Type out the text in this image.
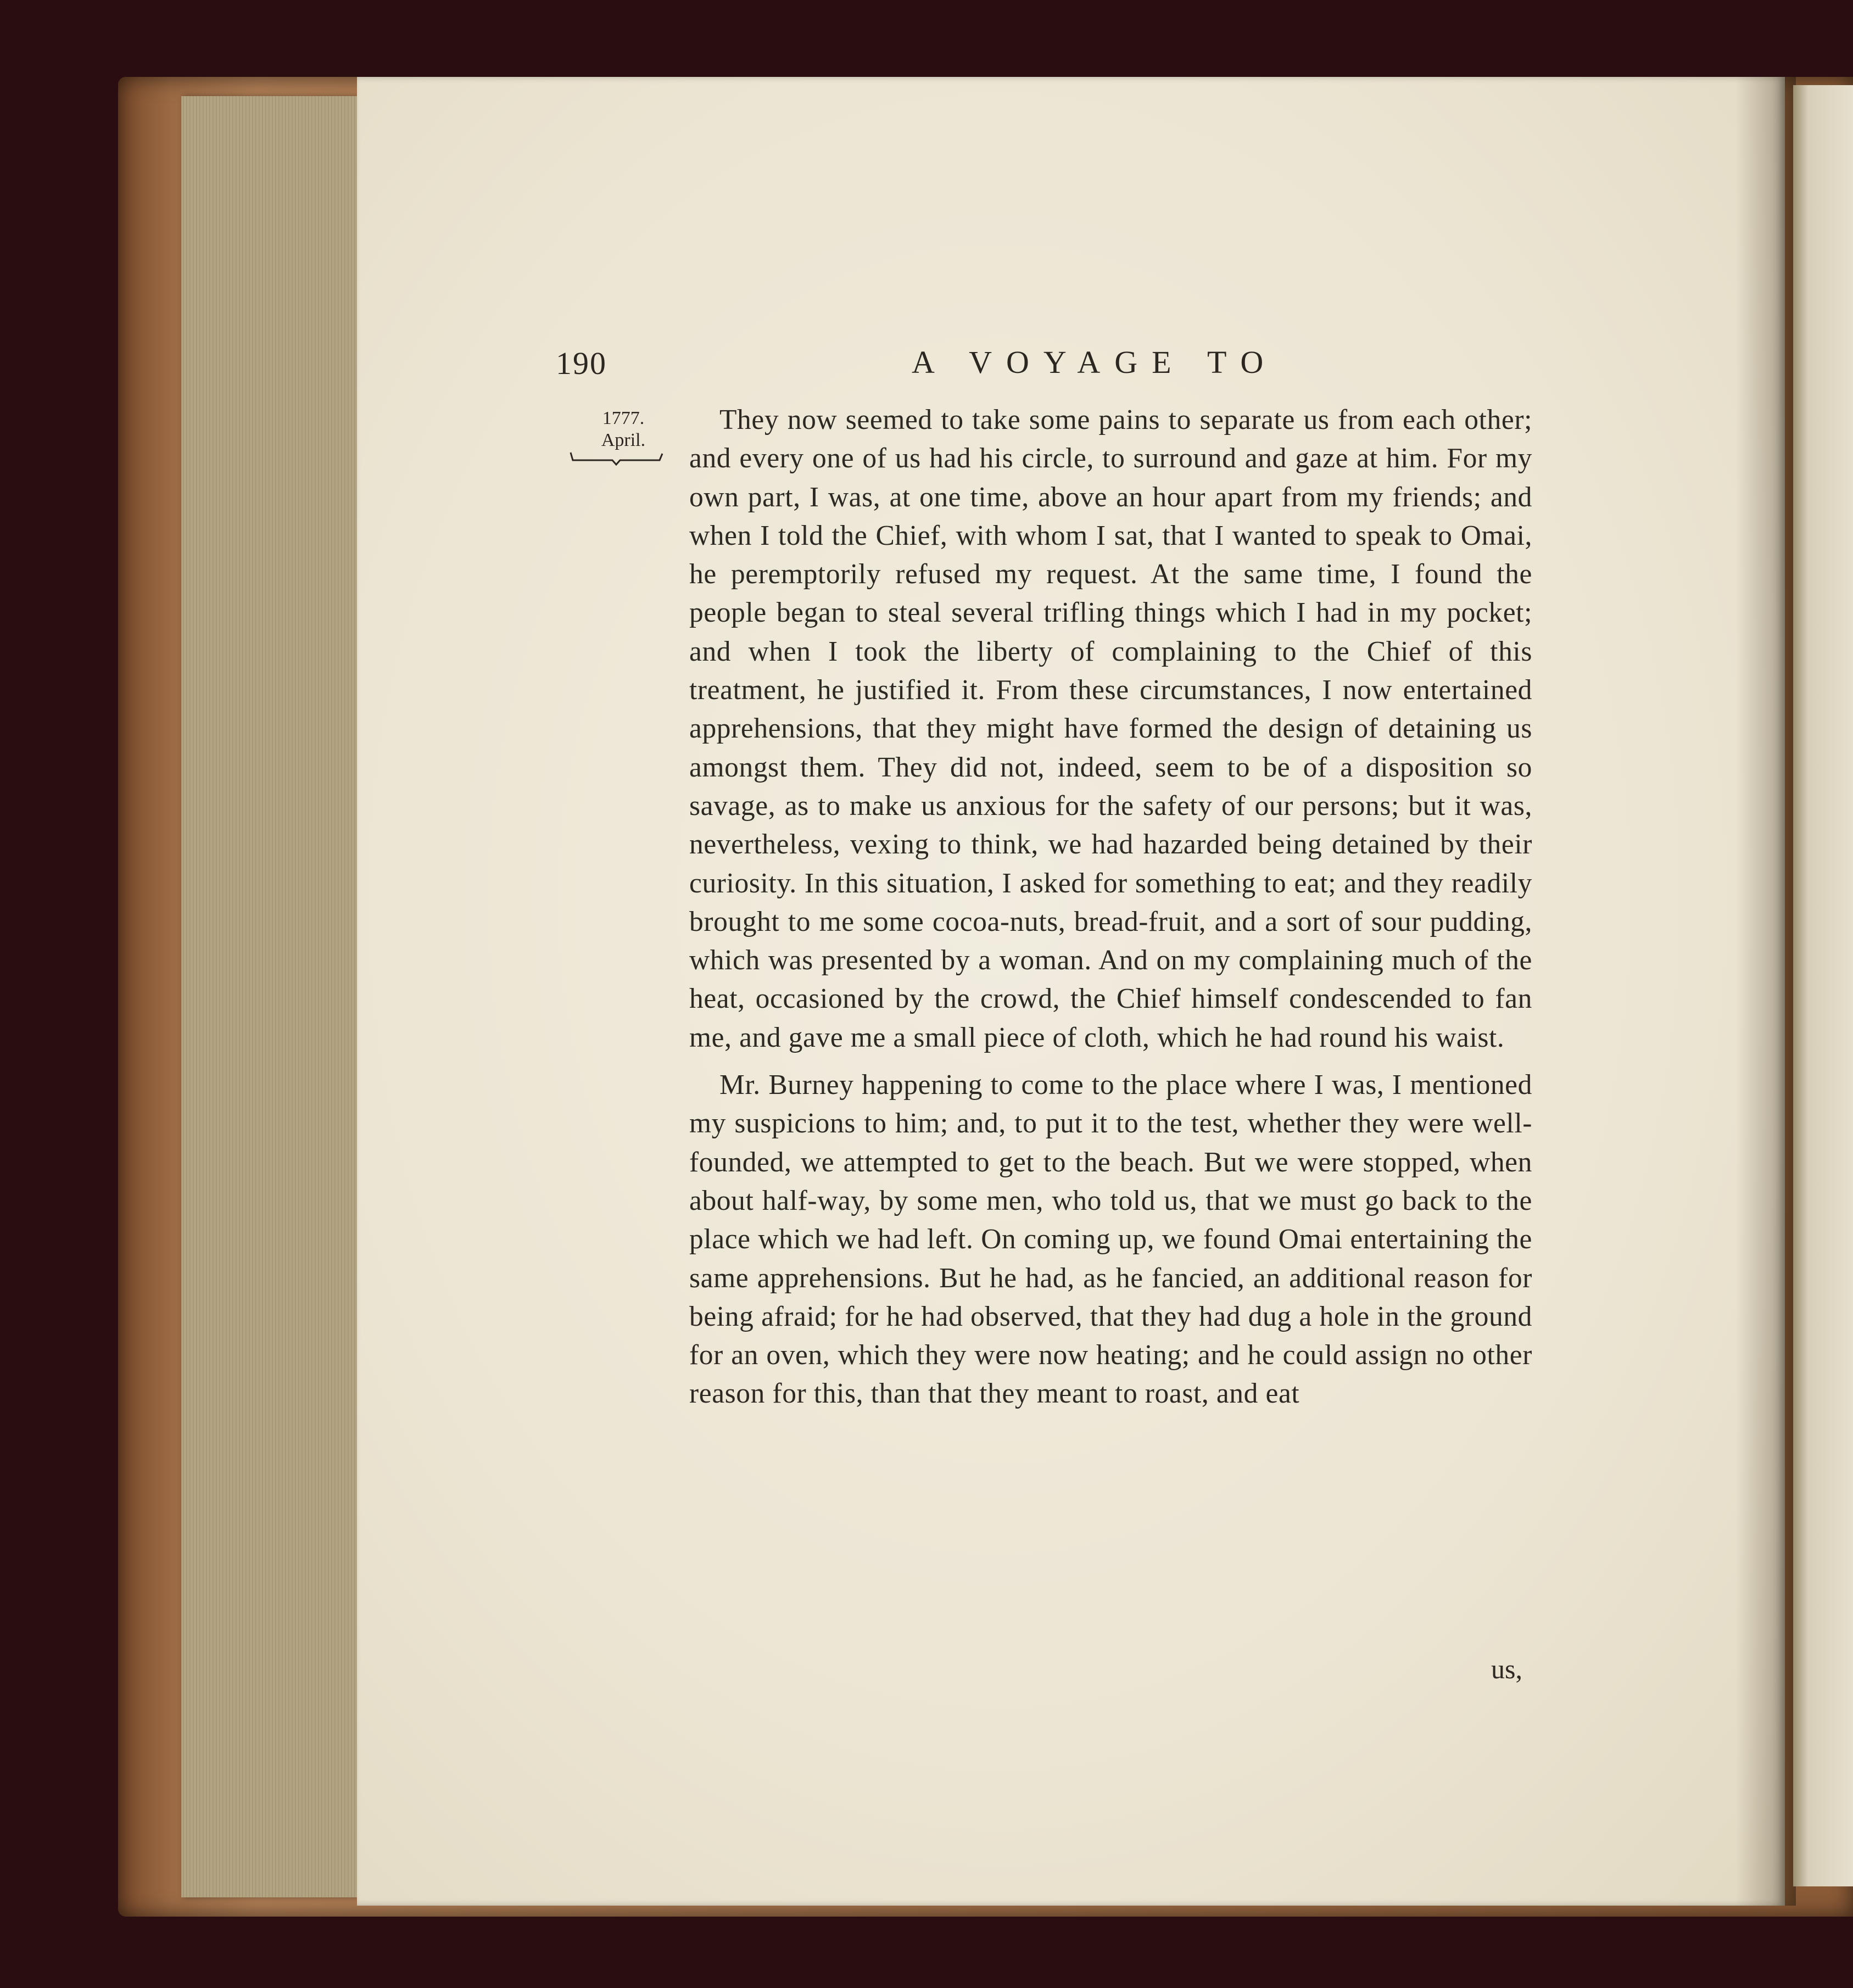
190	A VOYAGE TO
1777.
April.

They now seemed to take some pains to separate us from each other; and every one of us had his circle, to surround and gaze at him. For my own part, I was, at one time, above an hour apart from my friends; and when I told the Chief, with whom I sat, that I wanted to speak to Omai, he peremptorily refused my request. At the same time, I found the people began to steal several trifling things which I had in my pocket; and when I took the liberty of complaining to the Chief of this treatment, he justified it. From these circumstances, I now entertained apprehensions, that they might have formed the design of detaining us amongst them. They did not, indeed, seem to be of a disposition so savage, as to make us anxious for the safety of our persons; but it was, nevertheless, vexing to think, we had hazarded being detained by their curiosity. In this situation, I asked for something to eat; and they readily brought to me some cocoa-nuts, bread-fruit, and a sort of sour pudding, which was presented by a woman. And on my complaining much of the heat, occasioned by the crowd, the Chief himself condescended to fan me, and gave me a small piece of cloth, which he had round his waist.

Mr. Burney happening to come to the place where I was, I mentioned my suspicions to him; and, to put it to the test, whether they were well-founded, we attempted to get to the beach. But we were stopped, when about half-way, by some men, who told us, that we must go back to the place which we had left. On coming up, we found Omai entertaining the same apprehensions. But he had, as he fancied, an additional reason for being afraid; for he had observed, that they had dug a hole in the ground for an oven, which they were now heating; and he could assign no other reason for this, than that they meant to roast, and eat

us,
